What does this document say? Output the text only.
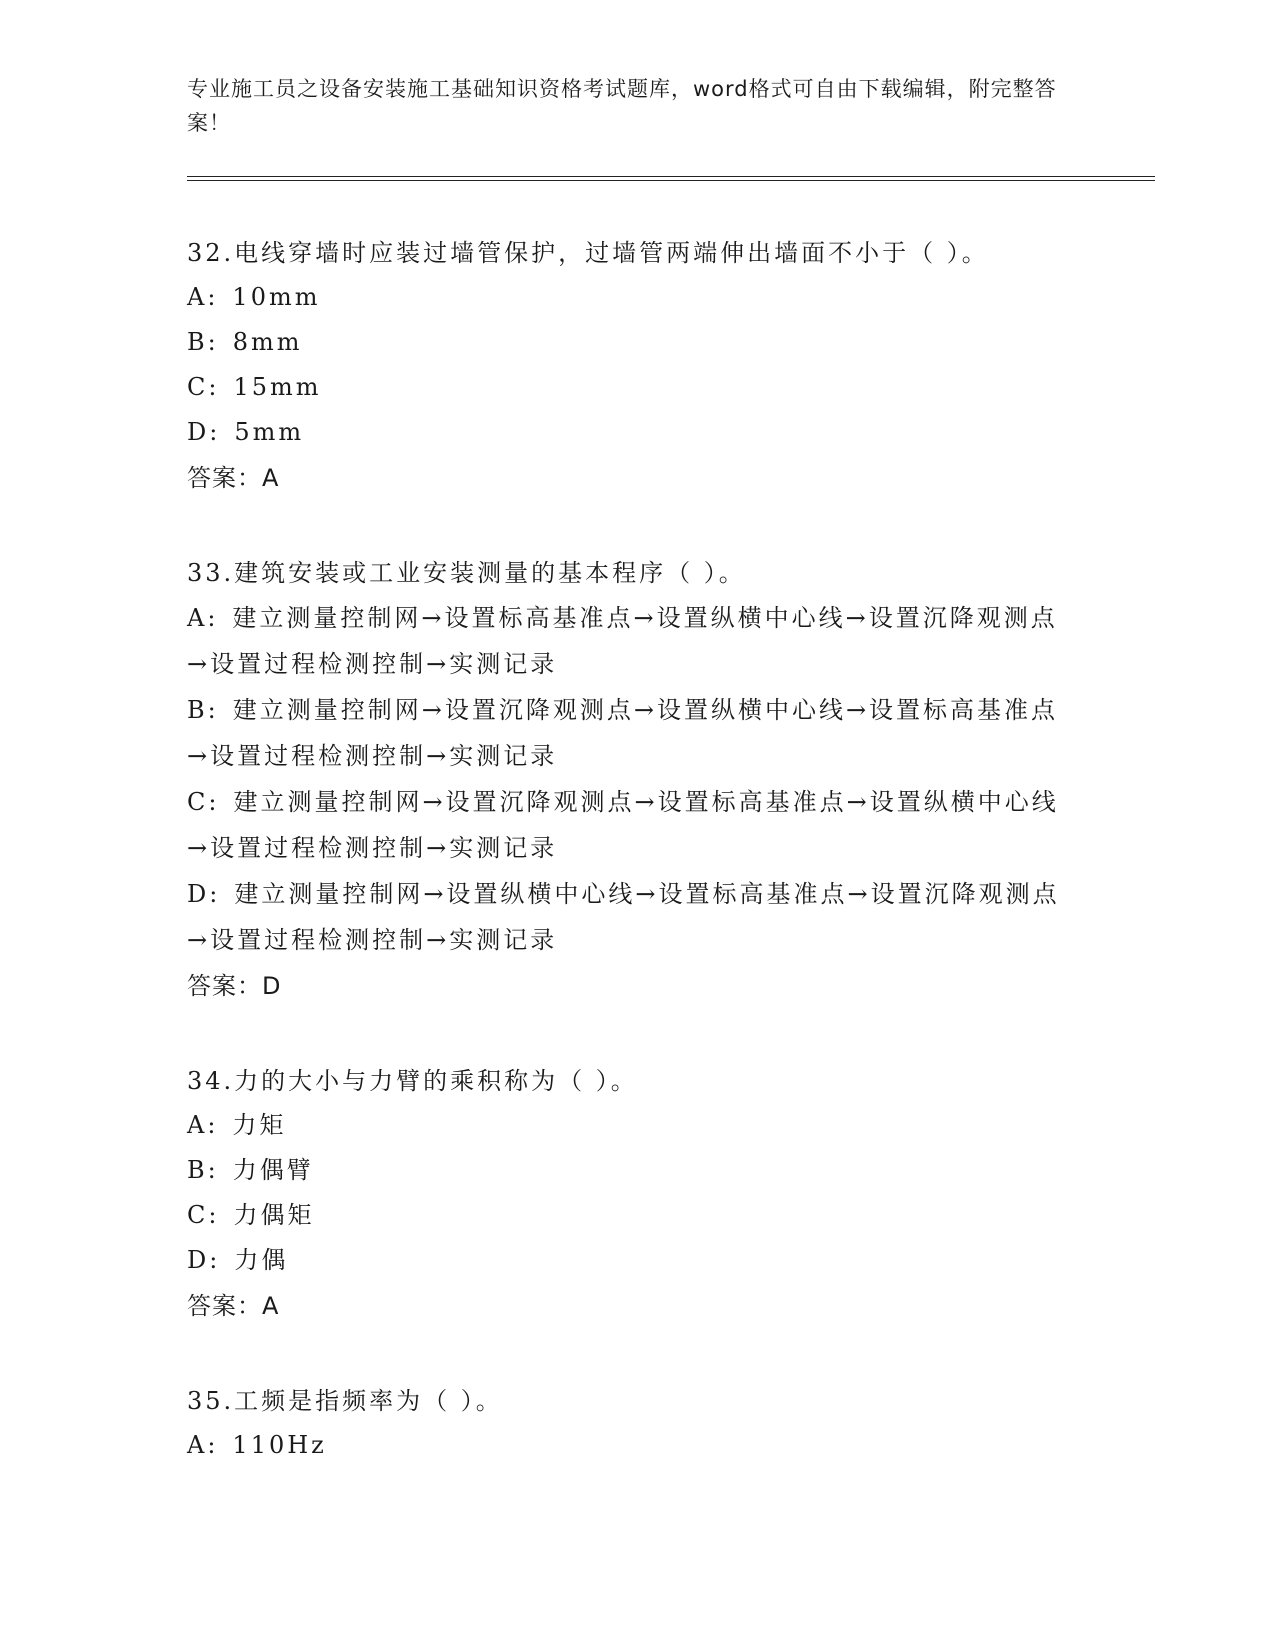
专业施工员之设备安装施工基础知识资格考试题库，word格式可自由下载编辑，附完整答案！
32.电线穿墙时应装过墙管保护，过墙管两端伸出墙面不小于（ ）。
A: 10mm
B: 8mm
C: 15mm
D: 5mm
答案：A
33.建筑安装或工业安装测量的基本程序（ ）。
A: 建立测量控制网→设置标高基准点→设置纵横中心线→设置沉降观测点→设置过程检测控制→实测记录
B: 建立测量控制网→设置沉降观测点→设置纵横中心线→设置标高基准点→设置过程检测控制→实测记录
C: 建立测量控制网→设置沉降观测点→设置标高基准点→设置纵横中心线→设置过程检测控制→实测记录
D: 建立测量控制网→设置纵横中心线→设置标高基准点→设置沉降观测点→设置过程检测控制→实测记录
答案：D
34.力的大小与力臂的乘积称为（ ）。
A: 力矩
B: 力偶臂
C: 力偶矩
D: 力偶
答案：A
35.工频是指频率为（ ）。
A: 110Hz
